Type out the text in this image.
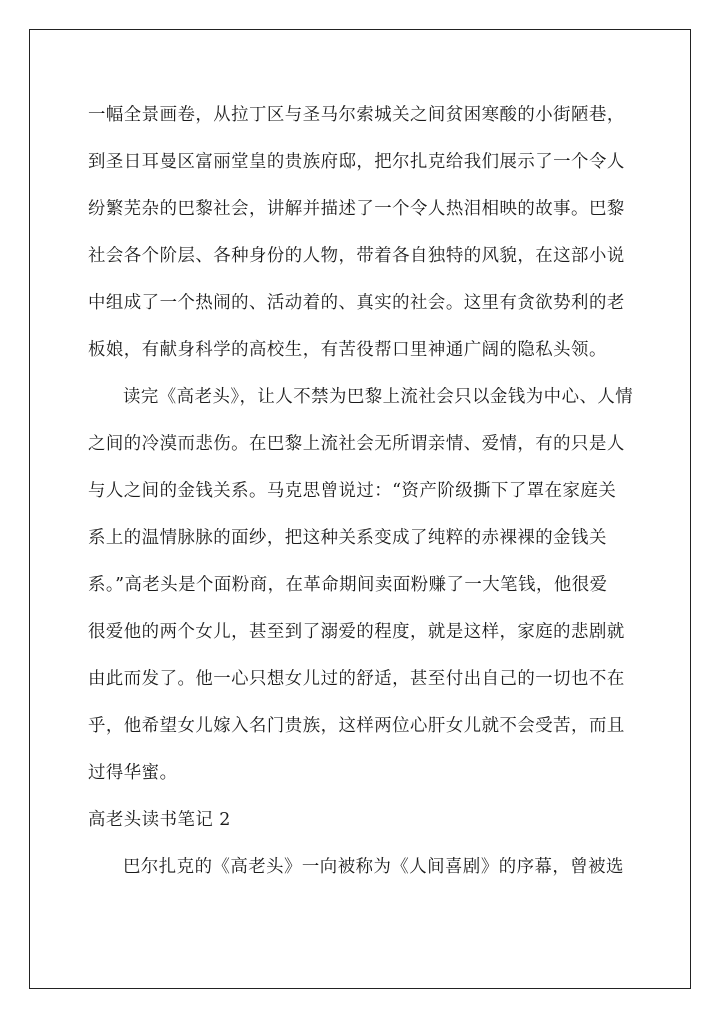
一幅全景画卷，从拉丁区与圣马尔索城关之间贫困寒酸的小街陋巷，
到圣日耳曼区富丽堂皇的贵族府邸，把尔扎克给我们展示了一个令人
纷繁芜杂的巴黎社会，讲解并描述了一个令人热泪相映的故事。巴黎
社会各个阶层、各种身份的人物，带着各自独特的风貌，在这部小说
中组成了一个热闹的、活动着的、真实的社会。这里有贪欲势利的老
板娘，有献身科学的高校生，有苦役帮口里神通广阔的隐私头领。
读完《高老头》，让人不禁为巴黎上流社会只以金钱为中心、人情
之间的冷漠而悲伤。在巴黎上流社会无所谓亲情、爱情，有的只是人
与人之间的金钱关系。马克思曾说过：“资产阶级撕下了罩在家庭关
系上的温情脉脉的面纱，把这种关系变成了纯粹的赤裸裸的金钱关
系。”高老头是个面粉商，在革命期间卖面粉赚了一大笔钱，他很爱
很爱他的两个女儿，甚至到了溺爱的程度，就是这样，家庭的悲剧就
由此而发了。他一心只想女儿过的舒适，甚至付出自己的一切也不在
乎，他希望女儿嫁入名门贵族，这样两位心肝女儿就不会受苦，而且
过得华蜜。
高老头读书笔记 2
巴尔扎克的《高老头》一向被称为《人间喜剧》的序幕，曾被选
